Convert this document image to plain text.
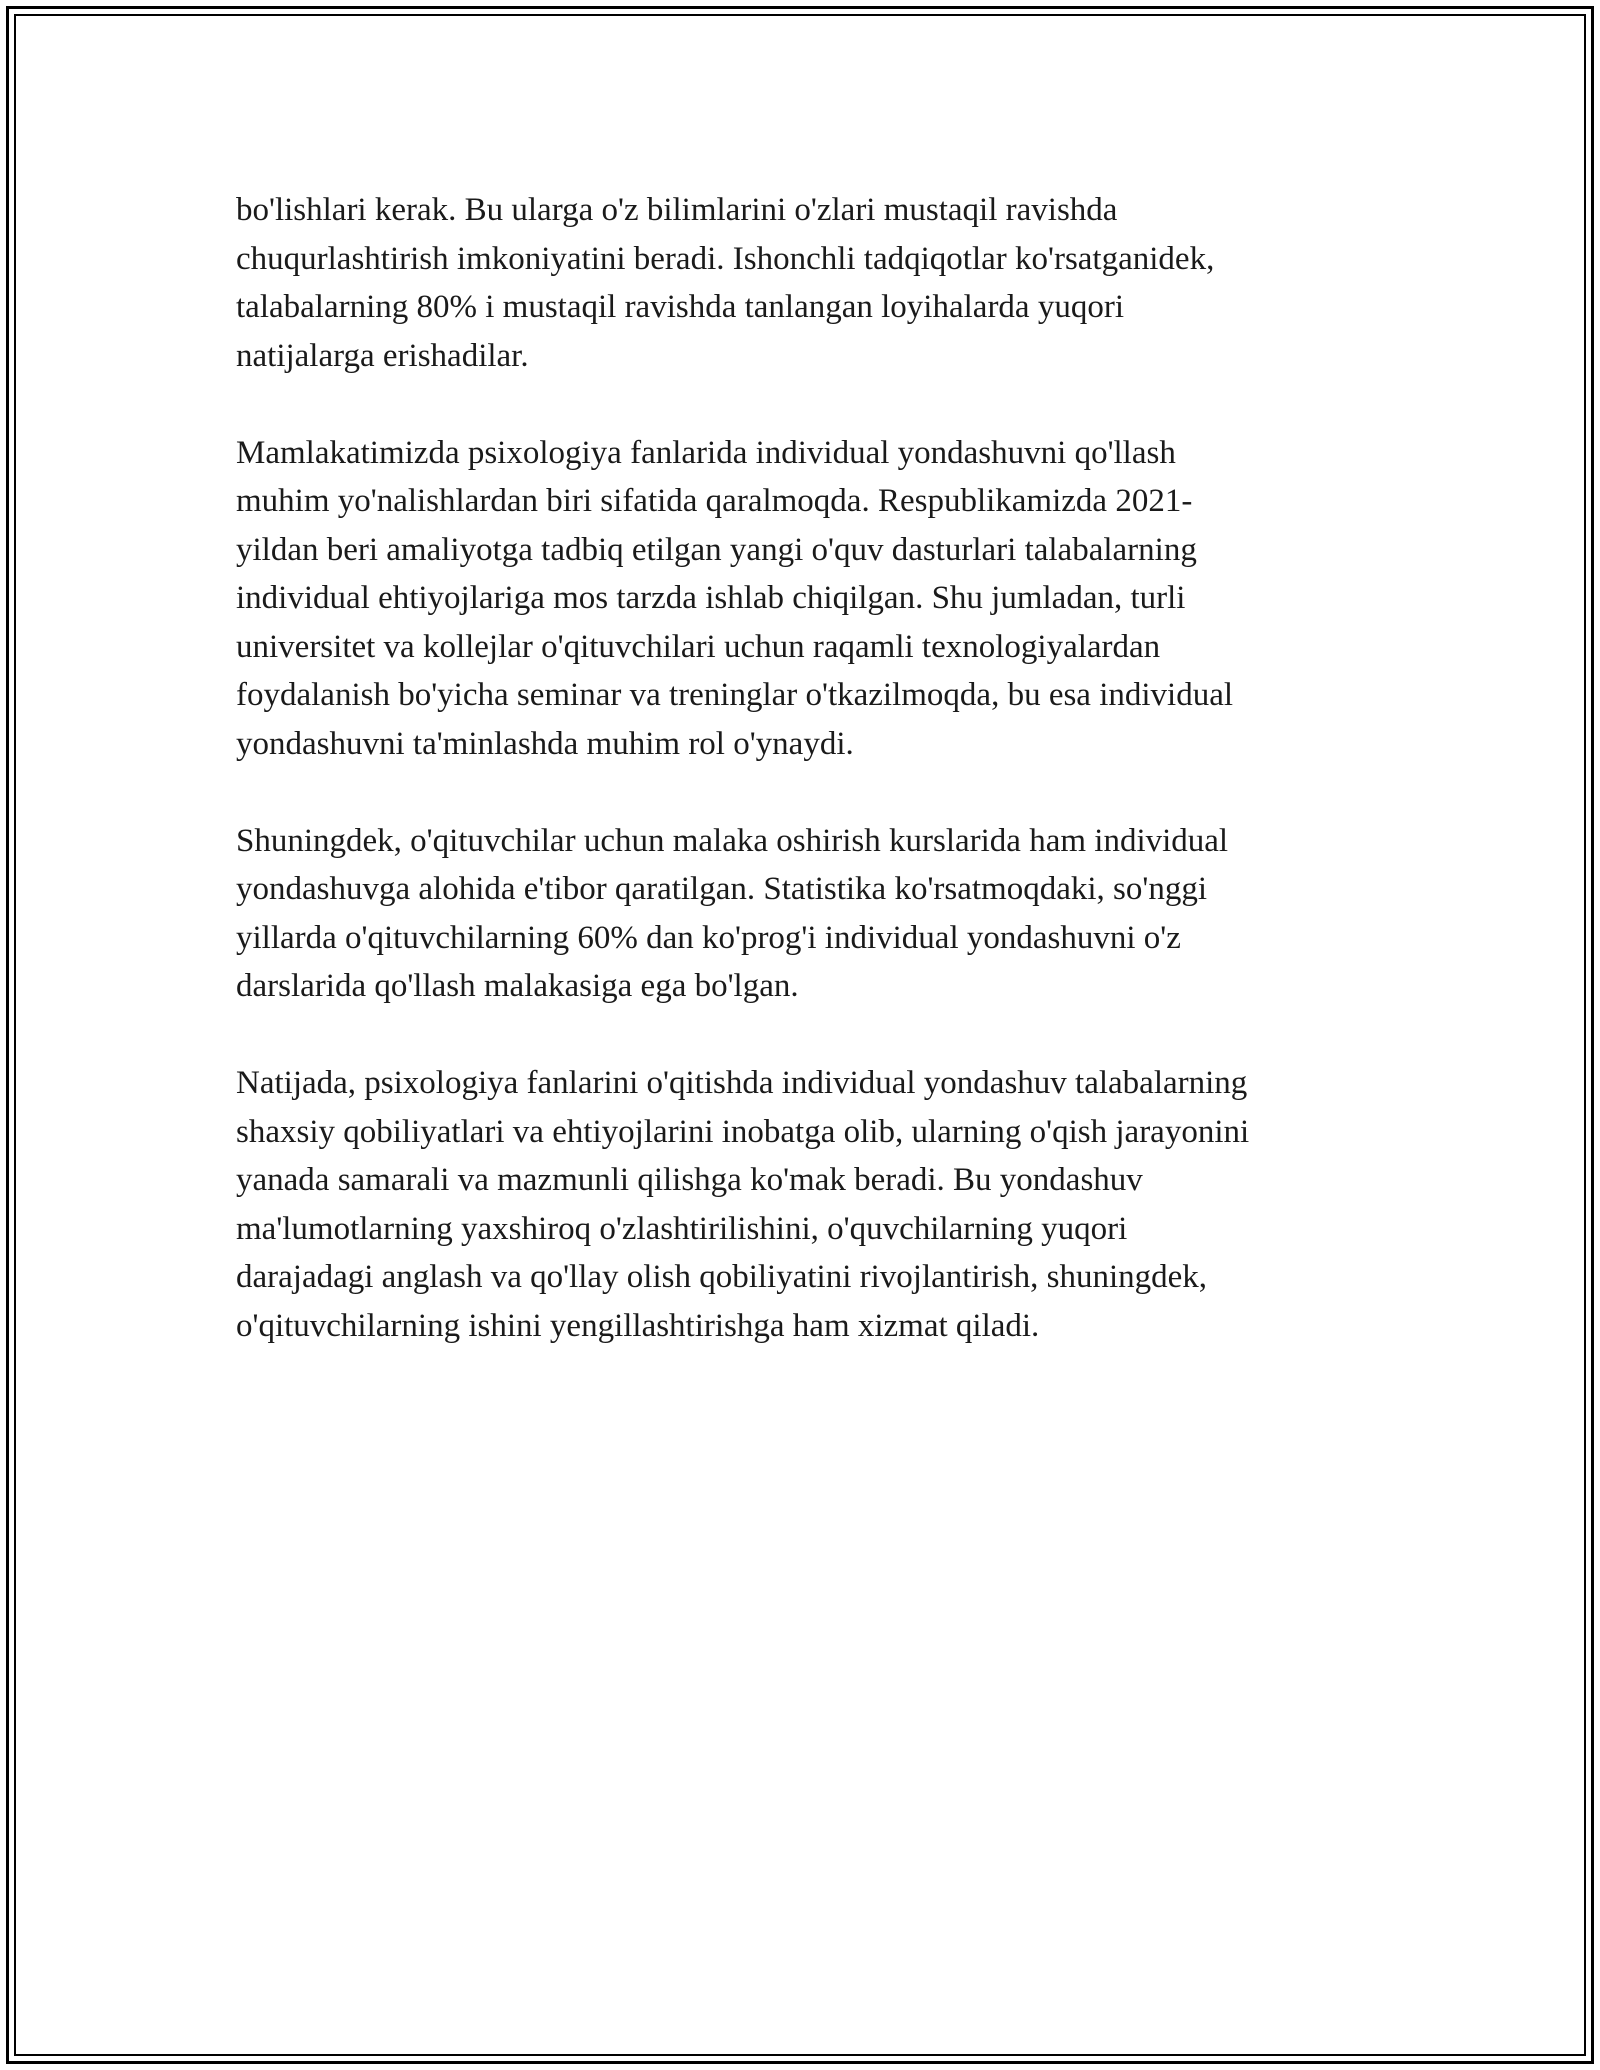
bo'lishlari kerak. Bu ularga o'z bilimlarini o'zlari mustaqil ravishda
chuqurlashtirish imkoniyatini beradi. Ishonchli tadqiqotlar ko'rsatganidek,
talabalarning 80% i mustaqil ravishda tanlangan loyihalarda yuqori
natijalarga erishadilar.

Mamlakatimizda psixologiya fanlarida individual yondashuvni qo'llash
muhim yo'nalishlardan biri sifatida qaralmoqda. Respublikamizda 2021-
yildan beri amaliyotga tadbiq etilgan yangi o'quv dasturlari talabalarning
individual ehtiyojlariga mos tarzda ishlab chiqilgan. Shu jumladan, turli
universitet va kollejlar o'qituvchilari uchun raqamli texnologiyalardan
foydalanish bo'yicha seminar va treninglar o'tkazilmoqda, bu esa individual
yondashuvni ta'minlashda muhim rol o'ynaydi.

Shuningdek, o'qituvchilar uchun malaka oshirish kurslarida ham individual
yondashuvga alohida e'tibor qaratilgan. Statistika ko'rsatmoqdaki, so'nggi
yillarda o'qituvchilarning 60% dan ko'prog'i individual yondashuvni o'z
darslarida qo'llash malakasiga ega bo'lgan.

Natijada, psixologiya fanlarini o'qitishda individual yondashuv talabalarning
shaxsiy qobiliyatlari va ehtiyojlarini inobatga olib, ularning o'qish jarayonini
yanada samarali va mazmunli qilishga ko'mak beradi. Bu yondashuv
ma'lumotlarning yaxshiroq o'zlashtirilishini, o'quvchilarning yuqori
darajadagi anglash va qo'llay olish qobiliyatini rivojlantirish, shuningdek,
o'qituvchilarning ishini yengillashtirishga ham xizmat qiladi.
